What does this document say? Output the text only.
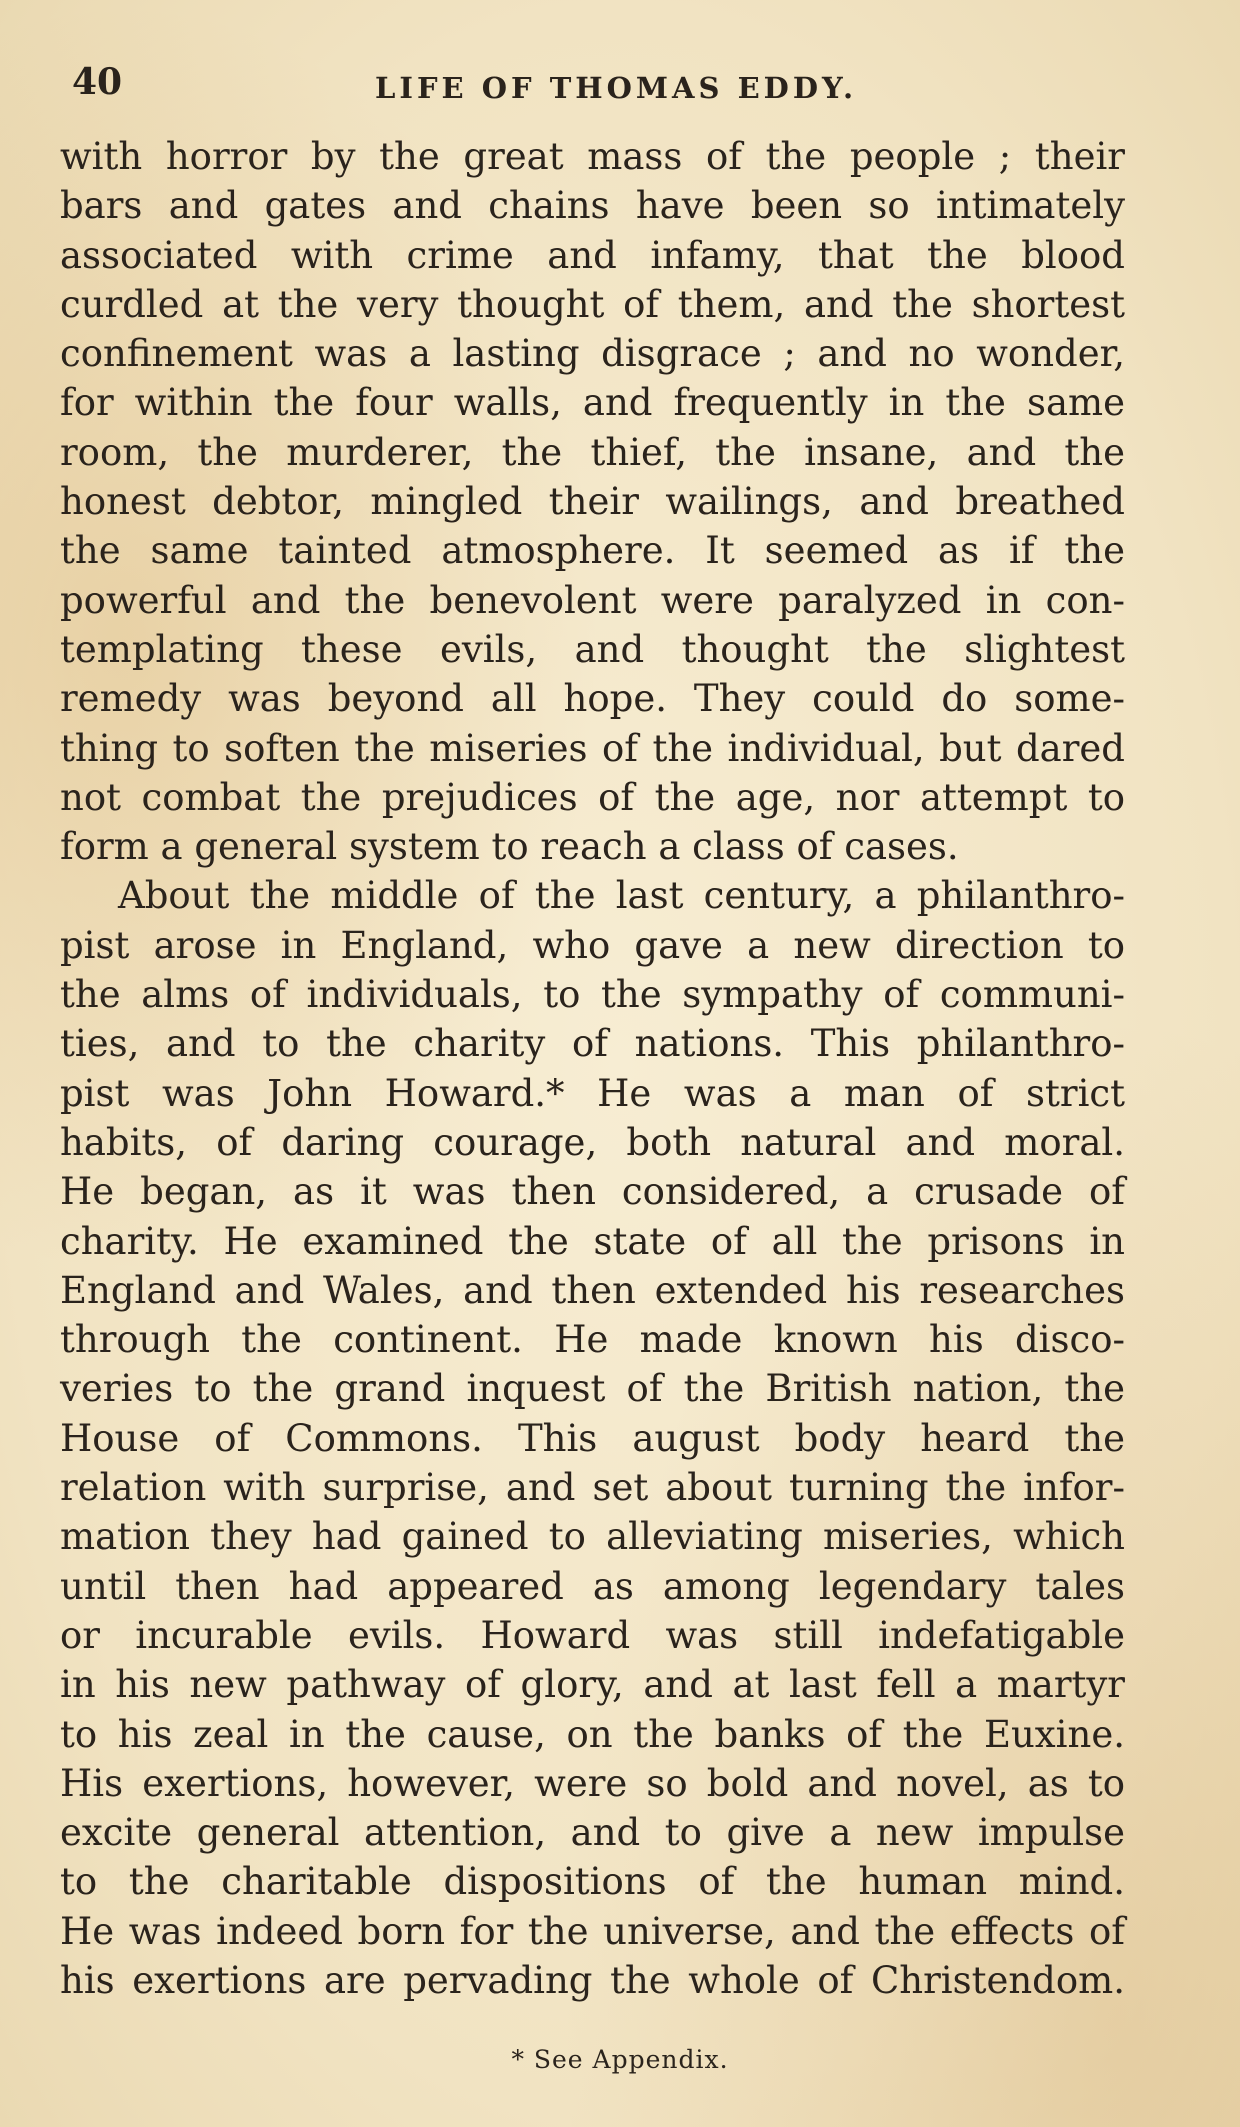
40	LIFE OF THOMAS EDDY.
with horror by the great mass of the people ; their
bars and gates and chains have been so intimately
associated with crime and infamy, that the blood
curdled at the very thought of them, and the shortest
confinement was a lasting disgrace ; and no wonder,
for within the four walls, and frequently in the same
room, the murderer, the thief, the insane, and the
honest debtor, mingled their wailings, and breathed
the same tainted atmosphere. It seemed as if the
powerful and the benevolent were paralyzed in con-
templating these evils, and thought the slightest
remedy was beyond all hope. They could do some-
thing to soften the miseries of the individual, but dared
not combat the prejudices of the age, nor attempt to
form a general system to reach a class of cases.
About the middle of the last century, a philanthro-
pist arose in England, who gave a new direction to
the alms of individuals, to the sympathy of communi-
ties, and to the charity of nations. This philanthro-
pist was John Howard.* He was a man of strict
habits, of daring courage, both natural and moral.
He began, as it was then considered, a crusade of
charity. He examined the state of all the prisons in
England and Wales, and then extended his researches
through the continent. He made known his disco-
veries to the grand inquest of the British nation, the
House of Commons. This august body heard the
relation with surprise, and set about turning the infor-
mation they had gained to alleviating miseries, which
until then had appeared as among legendary tales
or incurable evils. Howard was still indefatigable
in his new pathway of glory, and at last fell a martyr
to his zeal in the cause, on the banks of the Euxine.
His exertions, however, were so bold and novel, as to
excite general attention, and to give a new impulse
to the charitable dispositions of the human mind.
He was indeed born for the universe, and the effects of
his exertions are pervading the whole of Christendom.
* See Appendix.
